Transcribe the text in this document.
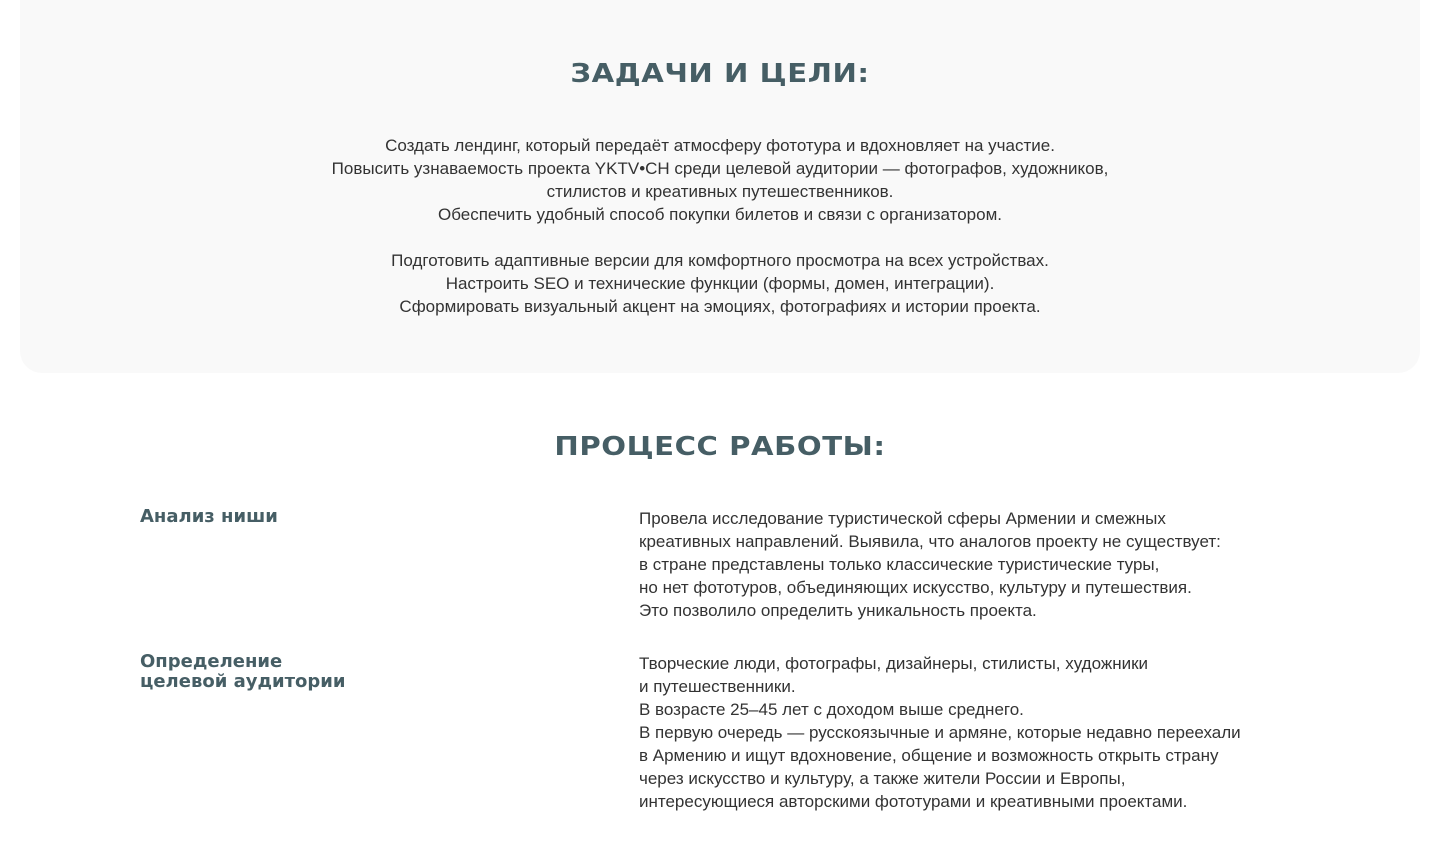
ЗАДАЧИ И ЦЕЛИ:
Создать лендинг, который передаёт атмосферу фототура и вдохновляет на участие.
Повысить узнаваемость проекта YKTV•CH среди целевой аудитории — фотографов, художников,
стилистов и креативных путешественников.
Обеспечить удобный способ покупки билетов и связи с организатором.
Подготовить адаптивные версии для комфортного просмотра на всех устройствах.
Настроить SEO и технические функции (формы, домен, интеграции).
Сформировать визуальный акцент на эмоциях, фотографиях и истории проекта.
ПРОЦЕСС РАБОТЫ:
Анализ ниши	Провела исследование туристической сферы Армении и смежных
креативных направлений. Выявила, что аналогов проекту не существует:
в стране представлены только классические туристические туры,
но нет фототуров, объединяющих искусство, культуру и путешествия.
Это позволило определить уникальность проекта.
Определение
целевой аудитории
Творческие люди, фотографы, дизайнеры, стилисты, художники
и путешественники.
В возрасте 25–45 лет с доходом выше среднего.
В первую очередь — русскоязычные и армяне, которые недавно переехали
в Армению и ищут вдохновение, общение и возможность открыть страну
через искусство и культуру, а также жители России и Европы,
интересующиеся авторскими фототурами и креативными проектами.
